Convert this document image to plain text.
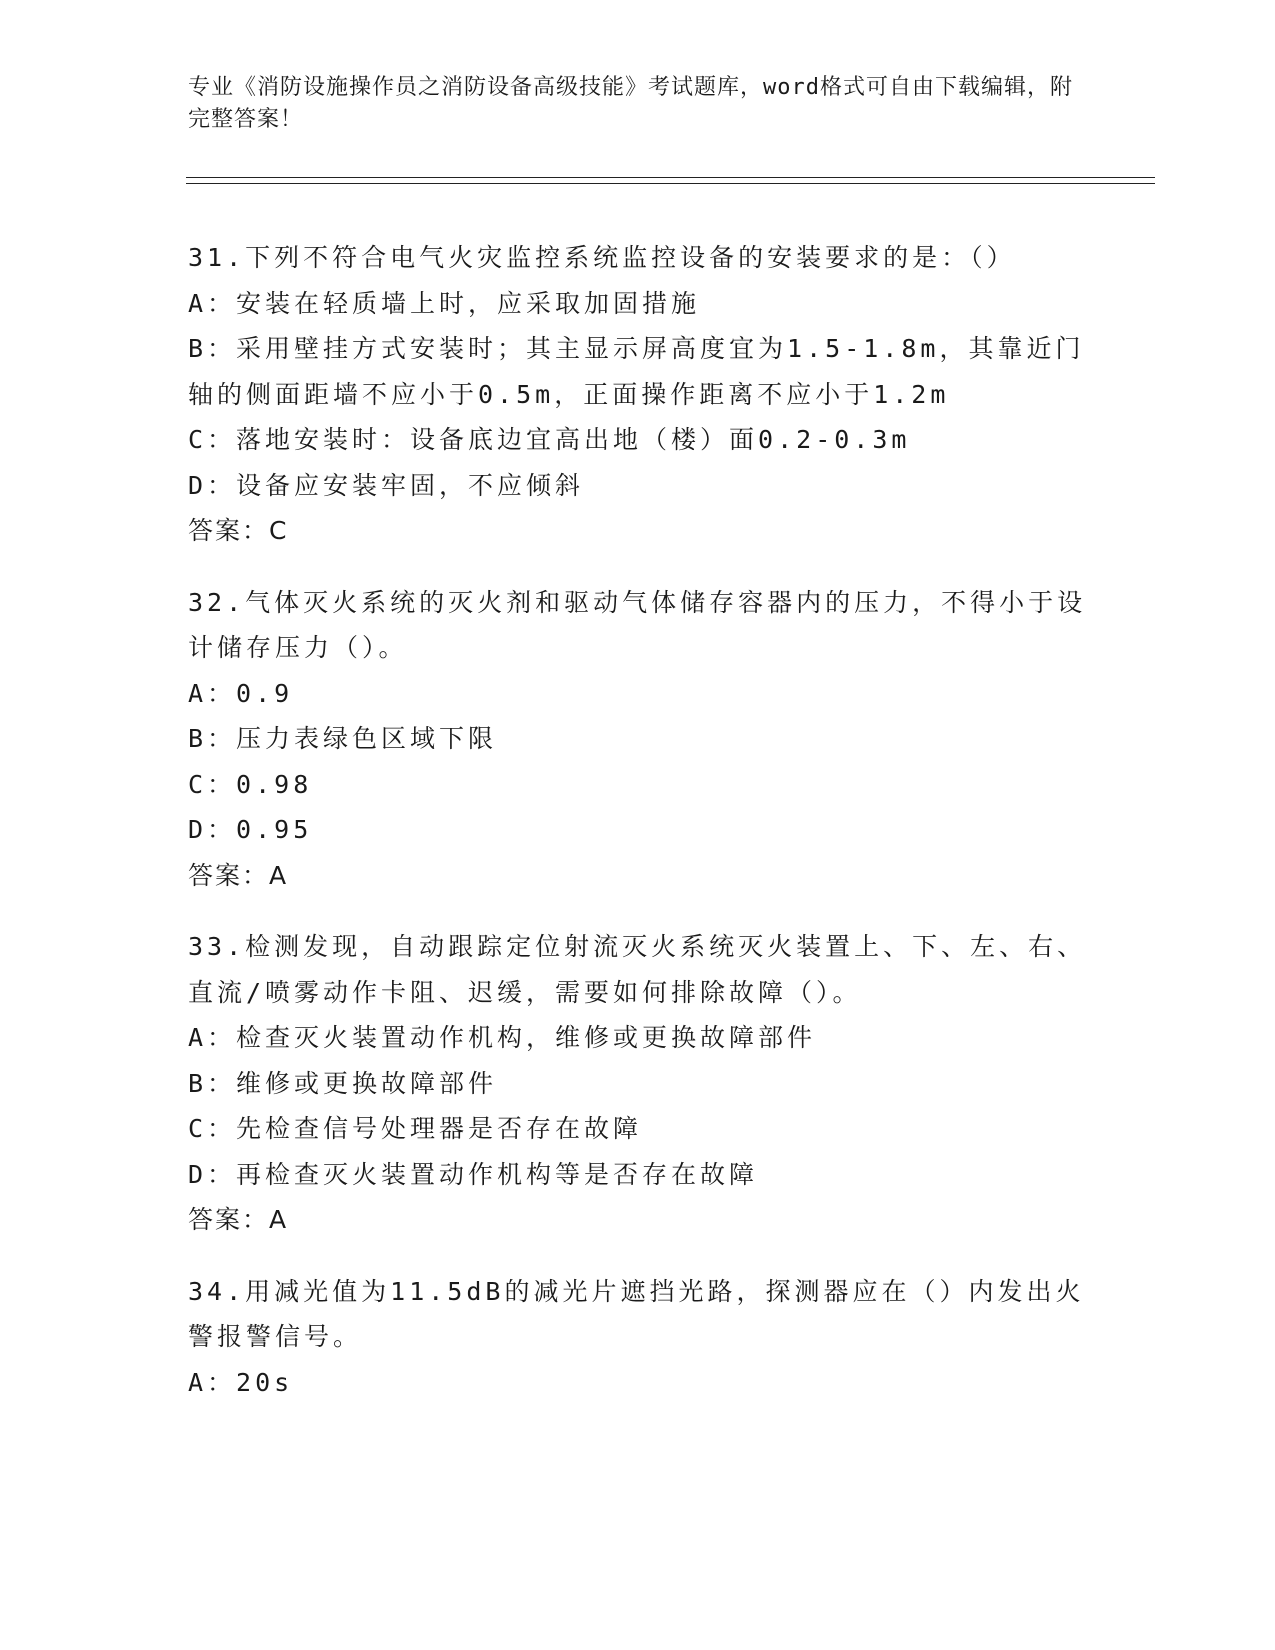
专业《消防设施操作员之消防设备高级技能》考试题库，word格式可自由下载编辑，附完整答案！
31.下列不符合电气火灾监控系统监控设备的安装要求的是：（）
A：安装在轻质墙上时，应采取加固措施
B：采用壁挂方式安装时；其主显示屏高度宜为1.5-1.8m，其靠近门轴的侧面距墙不应小于0.5m，正面操作距离不应小于1.2m
C：落地安装时：设备底边宜高出地（楼）面0.2-0.3m
D：设备应安装牢固，不应倾斜
答案：C
32.气体灭火系统的灭火剂和驱动气体储存容器内的压力，不得小于设计储存压力（）。
A：0.9
B：压力表绿色区域下限
C：0.98
D：0.95
答案：A
33.检测发现，自动跟踪定位射流灭火系统灭火装置上、下、左、右、直流/喷雾动作卡阻、迟缓，需要如何排除故障（）。
A：检查灭火装置动作机构，维修或更换故障部件
B：维修或更换故障部件
C：先检查信号处理器是否存在故障
D：再检查灭火装置动作机构等是否存在故障
答案：A
34.用减光值为11.5dB的减光片遮挡光路，探测器应在（）内发出火警报警信号。
A：20s
